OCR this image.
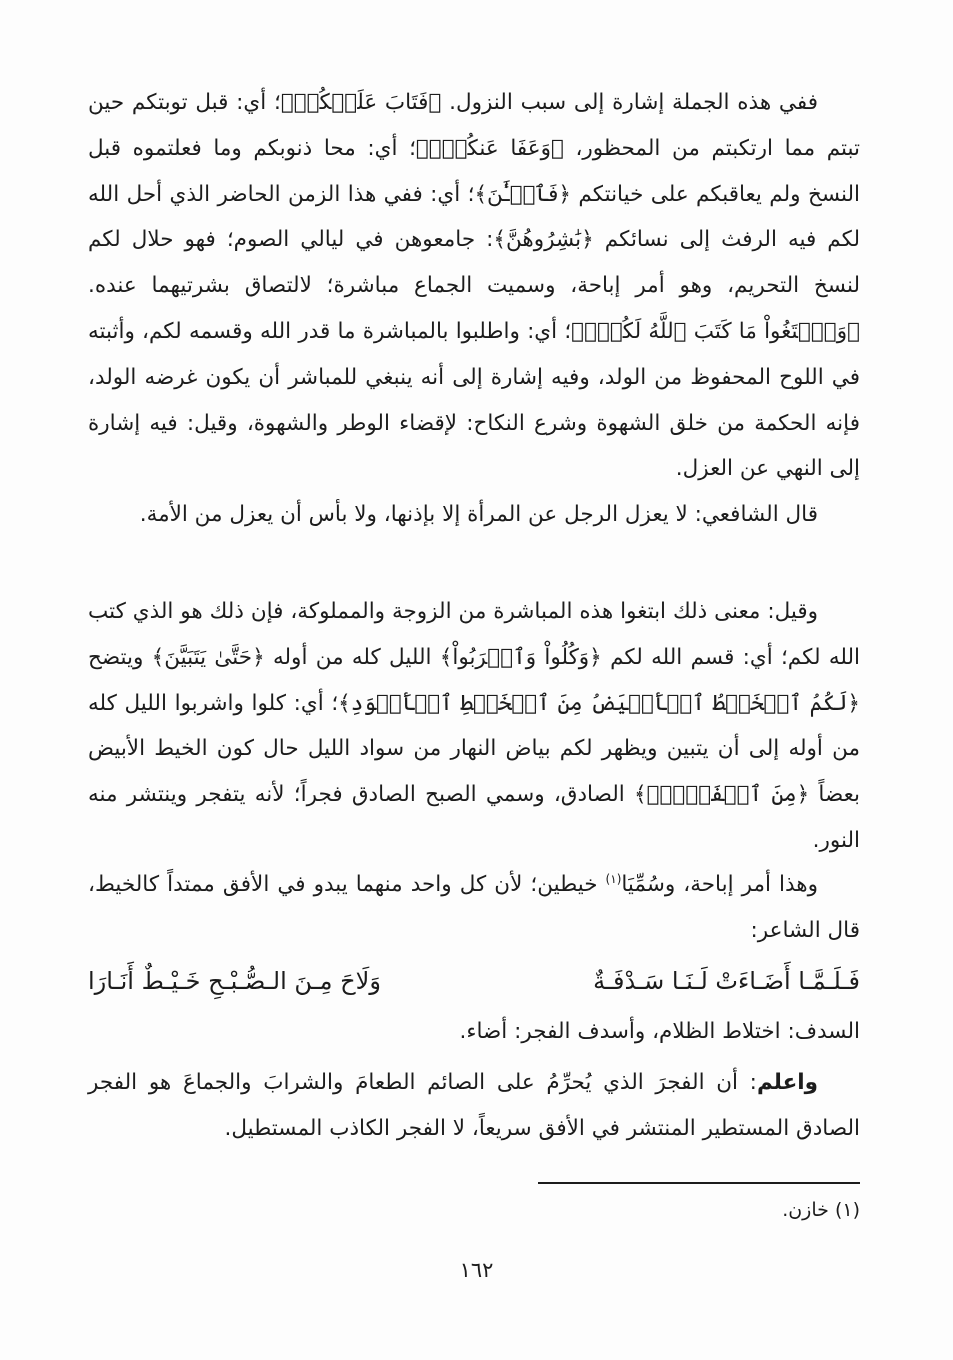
ففي هذه الجملة إشارة إلى سبب النزول. ﴿فَتَابَ عَلَيۡكُمۡ﴾؛ أي: قبل توبتكم حين تبتم مما ارتكبتم من المحظور، ﴿وَعَفَا عَنكُمۡۖ﴾؛ أي: محا ذنوبكم وما فعلتموه قبل النسخ ولم يعاقبكم على خيانتكم ﴿فَٱلۡـَٰٔنَ﴾؛ أي: ففي هذا الزمن الحاضر الذي أحل الله لكم فيه الرفث إلى نسائكم ﴿بَٰشِرُوهُنَّ﴾: جامعوهن في ليالي الصوم؛ فهو حلال لكم لنسخ التحريم، وهو أمر إباحة، وسميت الجماع مباشرة؛ لالتصاق بشرتيهما عنده. ﴿وَٱبۡتَغُواْ مَا كَتَبَ ٱللَّهُ لَكُمۡۚ﴾؛ أي: واطلبوا بالمباشرة ما قدر الله وقسمه لكم، وأثبته في اللوح المحفوظ من الولد، وفيه إشارة إلى أنه ينبغي للمباشر أن يكون غرضه الولد، فإنه الحكمة من خلق الشهوة وشرع النكاح: لإقضاء الوطر والشهوة، وقيل: فيه إشارة إلى النهي عن العزل.

قال الشافعي: لا يعزل الرجل عن المرأة إلا بإذنها، ولا بأس أن يعزل من الأمة.

وقيل: معنى ذلك ابتغوا هذه المباشرة من الزوجة والمملوكة، فإن ذلك هو الذي كتب الله لكم؛ أي: قسم الله لكم ﴿وَكُلُواْ وَٱشۡرَبُواْ﴾ الليل كله من أوله ﴿حَتَّىٰ يَتَبَيَّنَ﴾ ويتضح ﴿لَكُمُ ٱلۡخَيۡطُ ٱلۡأَبۡيَضُ مِنَ ٱلۡخَيۡطِ ٱلۡأَسۡوَدِ﴾؛ أي: كلوا واشربوا الليل كله من أوله إلى أن يتبين ويظهر لكم بياض النهار من سواد الليل حال كون الخيط الأبيض بعضاً ﴿مِنَ ٱلۡفَجۡرِۖ﴾ الصادق، وسمي الصبح الصادق فجراً؛ لأنه يتفجر وينتشر منه النور.

وهذا أمر إباحة، وسُمِّيَا$^{(١)}$ خيطين؛ لأن كل واحد منهما يبدو في الأفق ممتداً كالخيط، قال الشاعر:

فَـلَـمَّـا أَضَـاءَتْ لَـنَـا سَـدْفَـةٌ
وَلَاحَ مِـنَ الـصُّـبْـحِ خَـيْـطٌ أَنَـارَا
السدف: اختلاط الظلام، وأسدف الفجر: أضاء.

واعلم: أن الفجرَ الذي يُحرِّمُ على الصائم الطعامَ والشرابَ والجماعَ هو الفجر الصادق المستطير المنتشر في الأفق سريعاً، لا الفجر الكاذب المستطيل.

(١) خازن.
١٦٢
